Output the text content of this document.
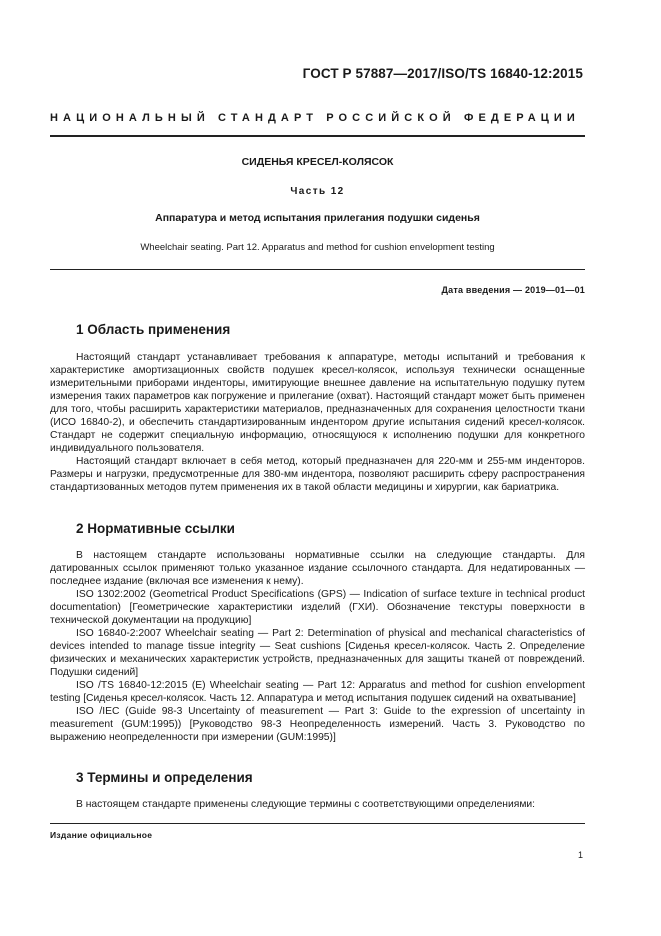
ГОСТ Р 57887—2017/ISO/TS 16840-12:2015
НАЦИОНАЛЬНЫЙ СТАНДАРТ РОССИЙСКОЙ ФЕДЕРАЦИИ
СИДЕНЬЯ КРЕСЕЛ-КОЛЯСОК
Часть 12
Аппаратура и метод испытания прилегания подушки сиденья
Wheelchair seating. Part 12. Apparatus and method for cushion envelopment testing
Дата введения — 2019—01—01
1 Область применения

Настоящий стандарт устанавливает требования к аппаратуре, методы испытаний и требования к характеристике амортизационных свойств подушек кресел-колясок, используя технически оснащенные измерительными приборами инденторы, имитирующие внешнее давление на испытательную подушку путем измерения таких параметров как погружение и прилегание (охват). Настоящий стандарт может быть применен для того, чтобы расширить характеристики материалов, предназначенных для сохранения целостности ткани (ИСО 16840-2), и обеспечить стандартизированным индентором другие испытания сидений кресел-колясок. Стандарт не содержит специальную информацию, относящуюся к исполнению подушки для конкретного индивидуального пользователя.

Настоящий стандарт включает в себя метод, который предназначен для 220-мм и 255-мм инденторов. Размеры и нагрузки, предусмотренные для 380-мм индентора, позволяют расширить сферу распространения стандартизованных методов путем применения их в такой области медицины и хирургии, как бариатрика.

2 Нормативные ссылки

В настоящем стандарте использованы нормативные ссылки на следующие стандарты. Для датированных ссылок применяют только указанное издание ссылочного стандарта. Для недатированных — последнее издание (включая все изменения к нему).

ISO 1302:2002 (Geometrical Product Specifications (GPS) — Indication of surface texture in technical product documentation) [Геометрические характеристики изделий (ГХИ). Обозначение текстуры поверхности в технической документации на продукцию]

ISO 16840-2:2007 Wheelchair seating — Part 2: Determination of physical and mechanical characteristics of devices intended to manage tissue integrity — Seat cushions [Сиденья кресел-колясок. Часть 2. Определение физических и механических характеристик устройств, предназначенных для защиты тканей от повреждений. Подушки сидений]

ISO /TS 16840-12:2015 (E) Wheelchair seating — Part 12: Apparatus and method for cushion envelopment testing [Сиденья кресел-колясок. Часть 12. Аппаратура и метод испытания подушек сидений на охватывание]

ISO /IEC (Guide 98-3 Uncertainty of measurement — Part 3: Guide to the expression of uncertainty in measurement (GUM:1995)) [Руководство 98-3 Неопределенность измерений. Часть 3. Руководство по выражению неопределенности при измерении (GUM:1995)]

3 Термины и определения

В настоящем стандарте применены следующие термины с соответствующими определениями:

Издание официальное
1
